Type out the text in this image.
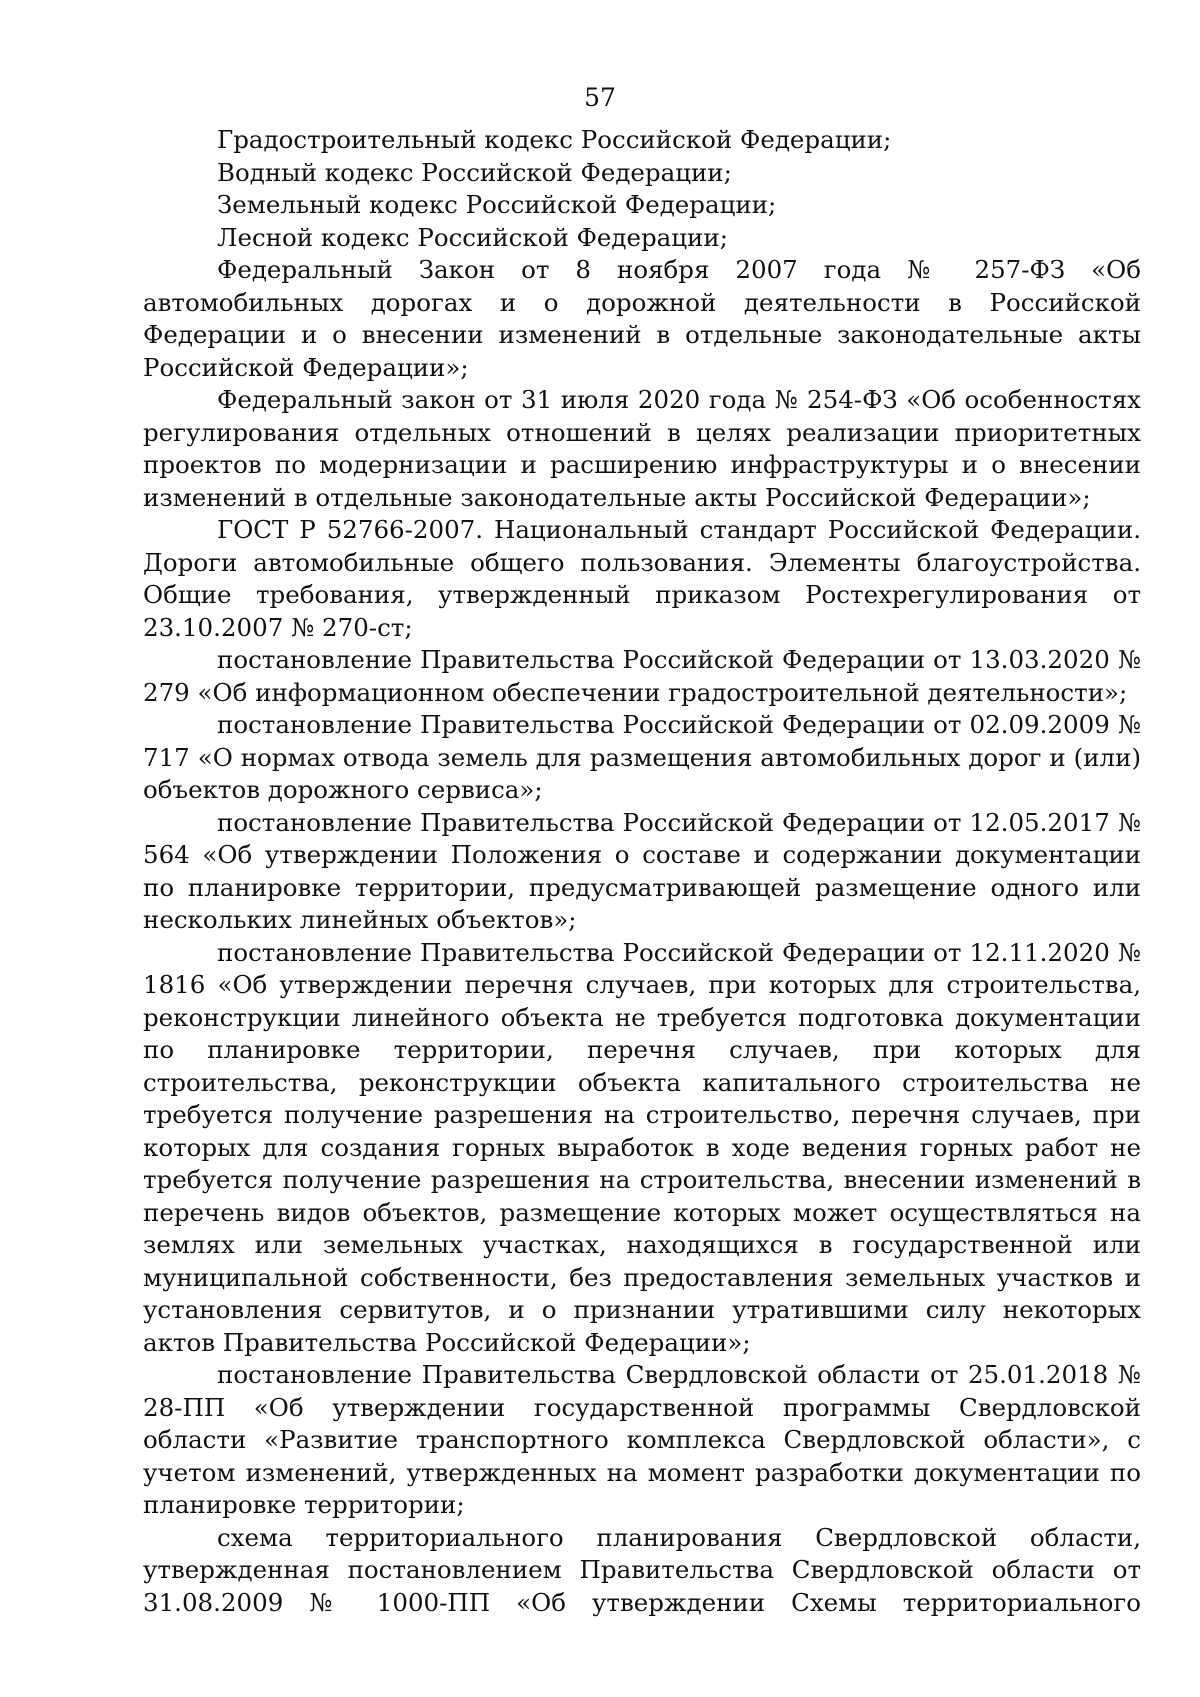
57

Градостроительный кодекс Российской Федерации;

Водный кодекс Российской Федерации;

Земельный кодекс Российской Федерации;

Лесной кодекс Российской Федерации;

Федеральный Закон от 8 ноября 2007 года № 257-ФЗ «Об автомобильных дорогах и о дорожной деятельности в Российской Федерации и о внесении изменений в отдельные законодательные акты Российской Федерации»;

Федеральный закон от 31 июля 2020 года № 254-ФЗ «Об особенностях регулирования отдельных отношений в целях реализации приоритетных проектов по модернизации и расширению инфраструктуры и о внесении изменений в отдельные законодательные акты Российской Федерации»;

ГОСТ Р 52766-2007. Национальный стандарт Российской Федерации. Дороги автомобильные общего пользования. Элементы благоустройства. Общие требования, утвержденный приказом Ростехрегулирования от 23.10.2007 № 270-ст;

постановление Правительства Российской Федерации от 13.03.2020 № 279 «Об информационном обеспечении градостроительной деятельности»;

постановление Правительства Российской Федерации от 02.09.2009 № 717 «О нормах отвода земель для размещения автомобильных дорог и (или) объектов дорожного сервиса»;

постановление Правительства Российской Федерации от 12.05.2017 № 564 «Об утверждении Положения о составе и содержании документации по планировке территории, предусматривающей размещение одного или нескольких линейных объектов»;

постановление Правительства Российской Федерации от 12.11.2020 № 1816 «Об утверждении перечня случаев, при которых для строительства, реконструкции линейного объекта не требуется подготовка документации по планировке территории, перечня случаев, при которых для строительства, реконструкции объекта капитального строительства не требуется получение разрешения на строительство, перечня случаев, при которых для создания горных выработок в ходе ведения горных работ не требуется получение разрешения на строительства, внесении изменений в перечень видов объектов, размещение которых может осуществляться на землях или земельных участках, находящихся в государственной или муниципальной собственности, без предоставления земельных участков и установления сервитутов, и о признании утратившими силу некоторых актов Правительства Российской Федерации»;

постановление Правительства Свердловской области от 25.01.2018 № 28-ПП «Об утверждении государственной программы Свердловской области «Развитие транспортного комплекса Свердловской области», с учетом изменений, утвержденных на момент разработки документации по планировке территории;

схема территориального планирования Свердловской области, утвержденная постановлением Правительства Свердловской области от 31.08.2009 № 1000-ПП «Об утверждении Схемы территориального
